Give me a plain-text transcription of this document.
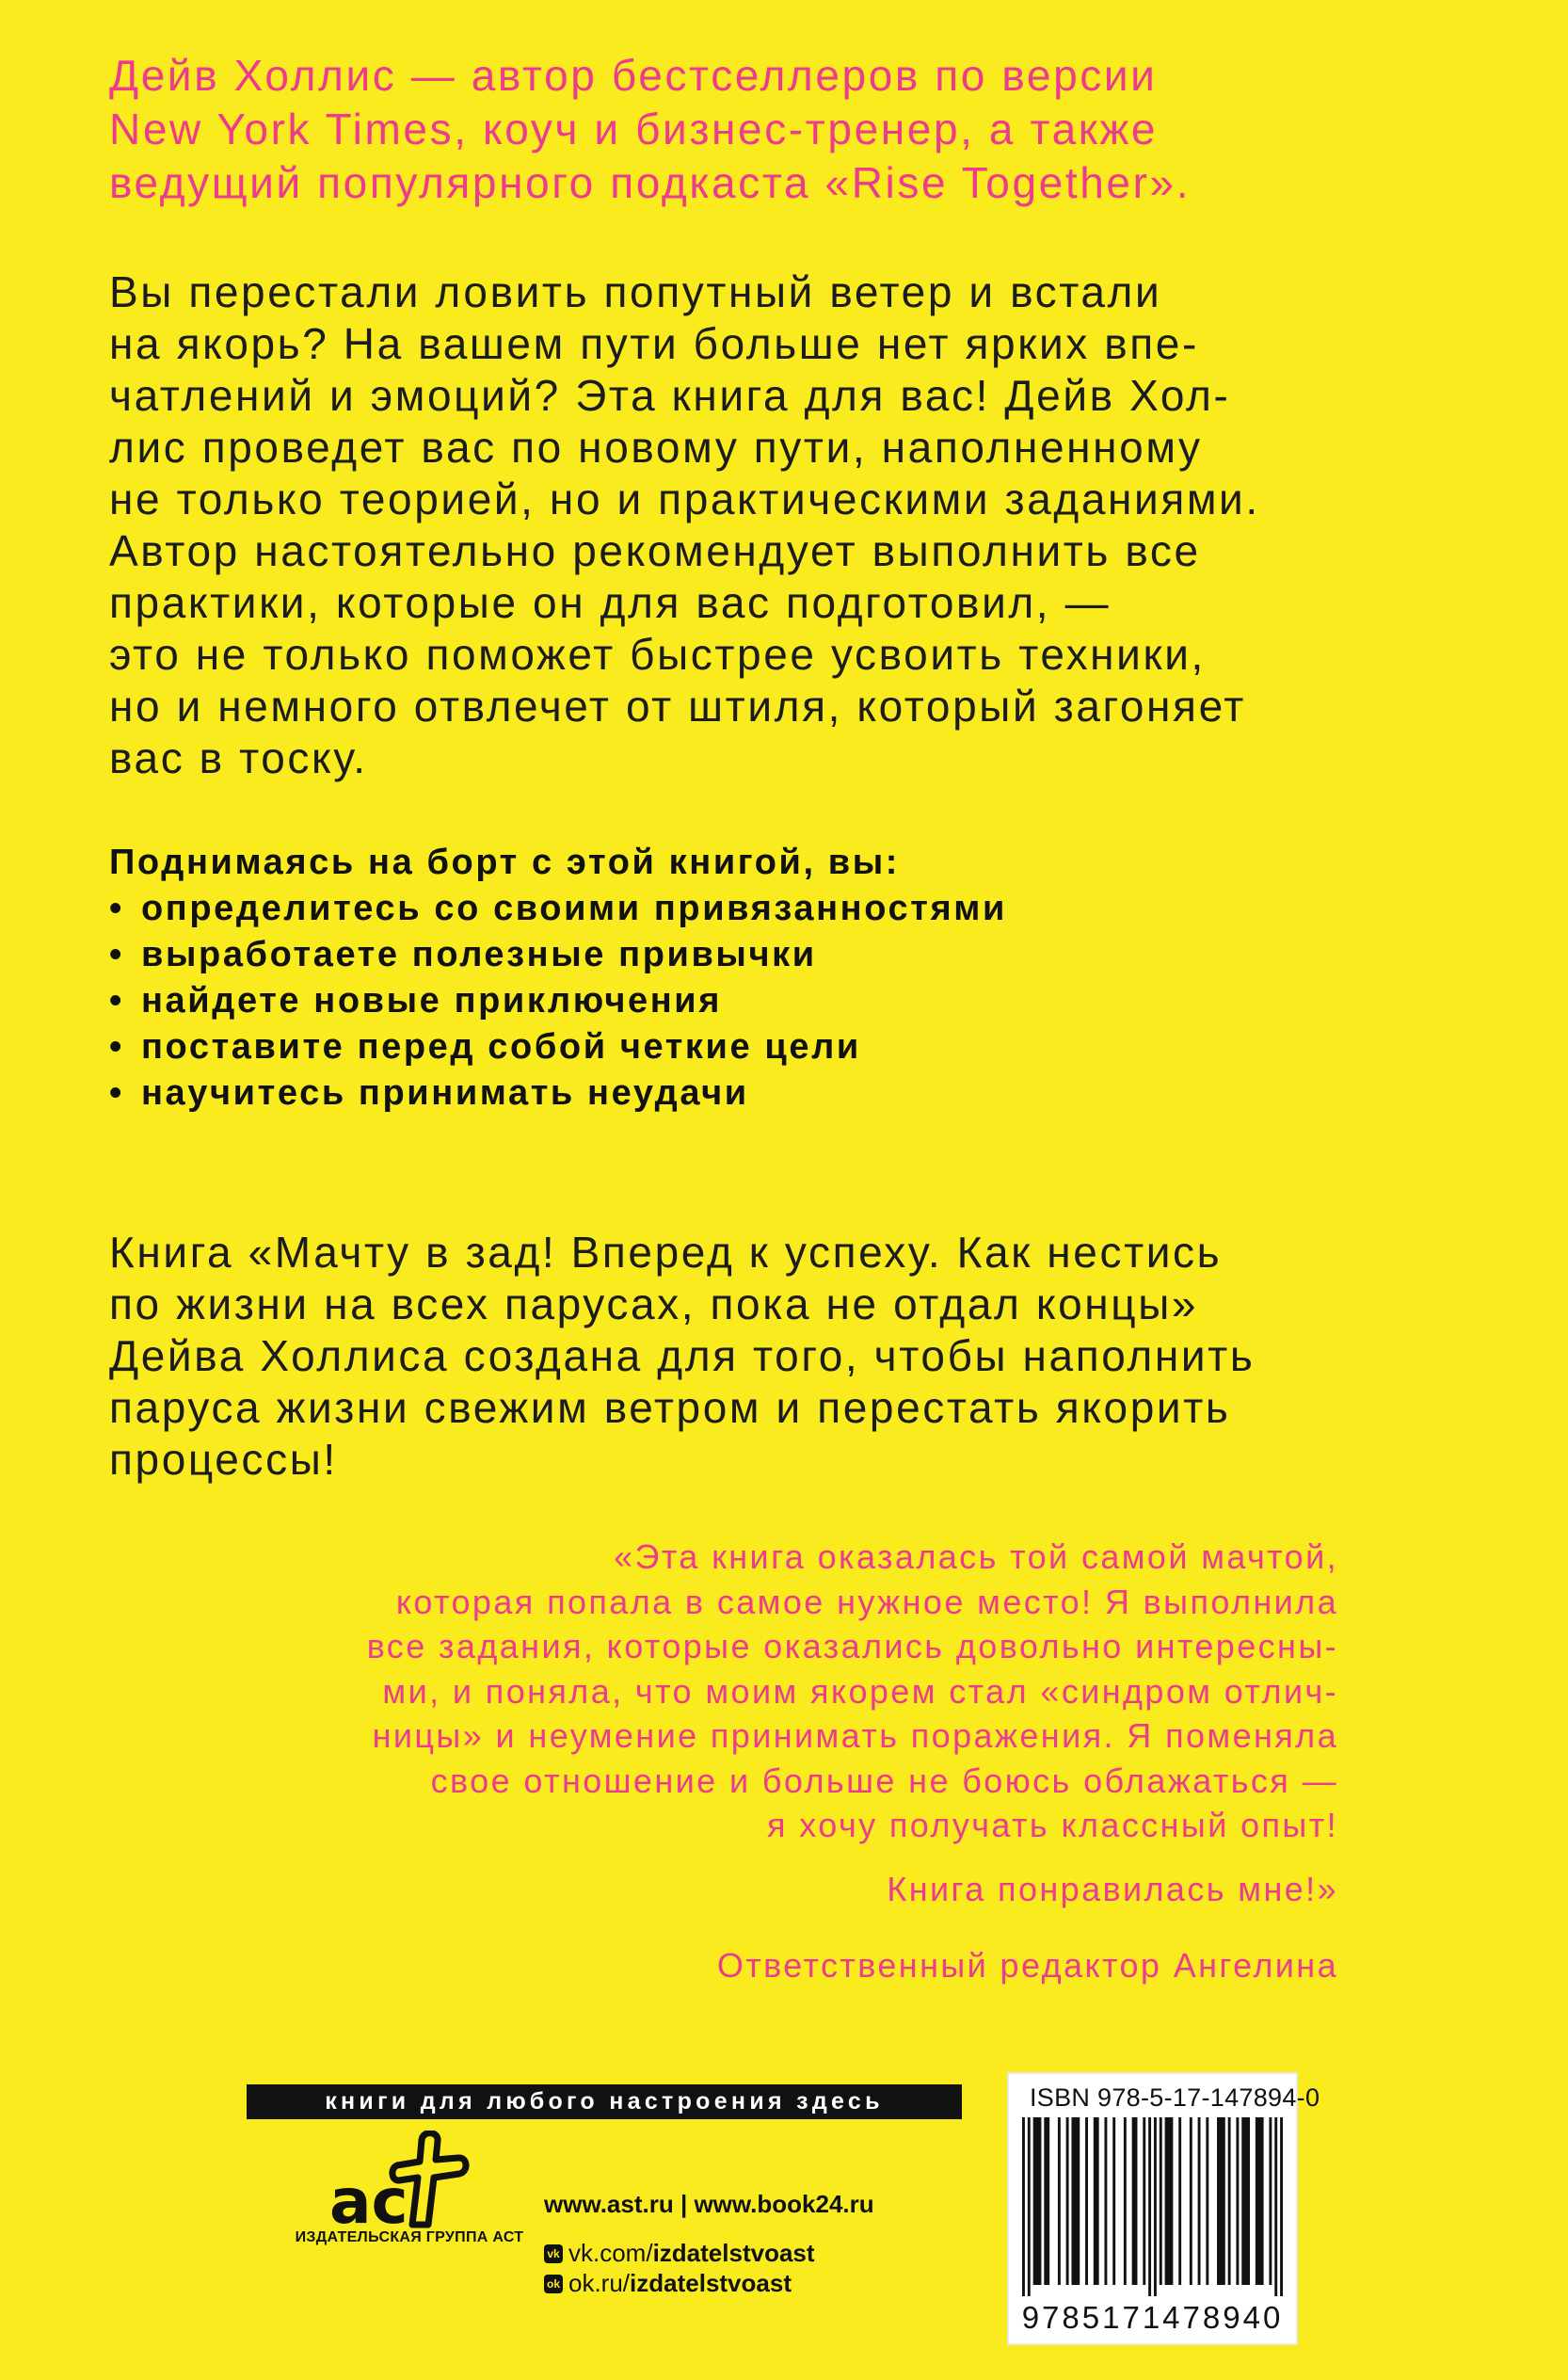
Дейв Холлис — автор бестселлеров по версии
New York Times, коуч и бизнес-тренер, а также
ведущий популярного подкаста «Rise Together».
Вы перестали ловить попутный ветер и встали
на якорь? На вашем пути больше нет ярких впе-
чатлений и эмоций? Эта книга для вас! Дейв Хол-
лис проведет вас по новому пути, наполненному
не только теорией, но и практическими заданиями.
Автор настоятельно рекомендует выполнить все
практики, которые он для вас подготовил, —
это не только поможет быстрее усвоить техники,
но и немного отвлечет от штиля, который загоняет
вас в тоску.
Поднимаясь на борт с этой книгой, вы:
• определитесь со своими привязанностями
• выработаете полезные привычки
• найдете новые приключения
• поставите перед собой четкие цели
• научитесь принимать неудачи
Книга «Мачту в зад! Вперед к успеху. Как нестись
по жизни на всех парусах, пока не отдал концы»
Дейва Холлиса создана для того, чтобы наполнить
паруса жизни свежим ветром и перестать якорить
процессы!
«Эта книга оказалась той самой мачтой,
которая попала в самое нужное место! Я выполнила
все задания, которые оказались довольно интересны-
ми, и поняла, что моим якорем стал «синдром отлич-
ницы» и неумение принимать поражения. Я поменяла
свое отношение и больше не боюсь облажаться —
я хочу получать классный опыт!
Книга понравилась мне!»
Ответственный редактор Ангелина
книги для любого настроения здесь
ас
ИЗДАТЕЛЬСКАЯ ГРУППА АСТ
www.ast.ru | www.book24.ru
vk vk.com/ izdatelstvoast
ok ok.ru/ izdatelstvoast
ISBN 978-5-17-147894-0
9785171478940
